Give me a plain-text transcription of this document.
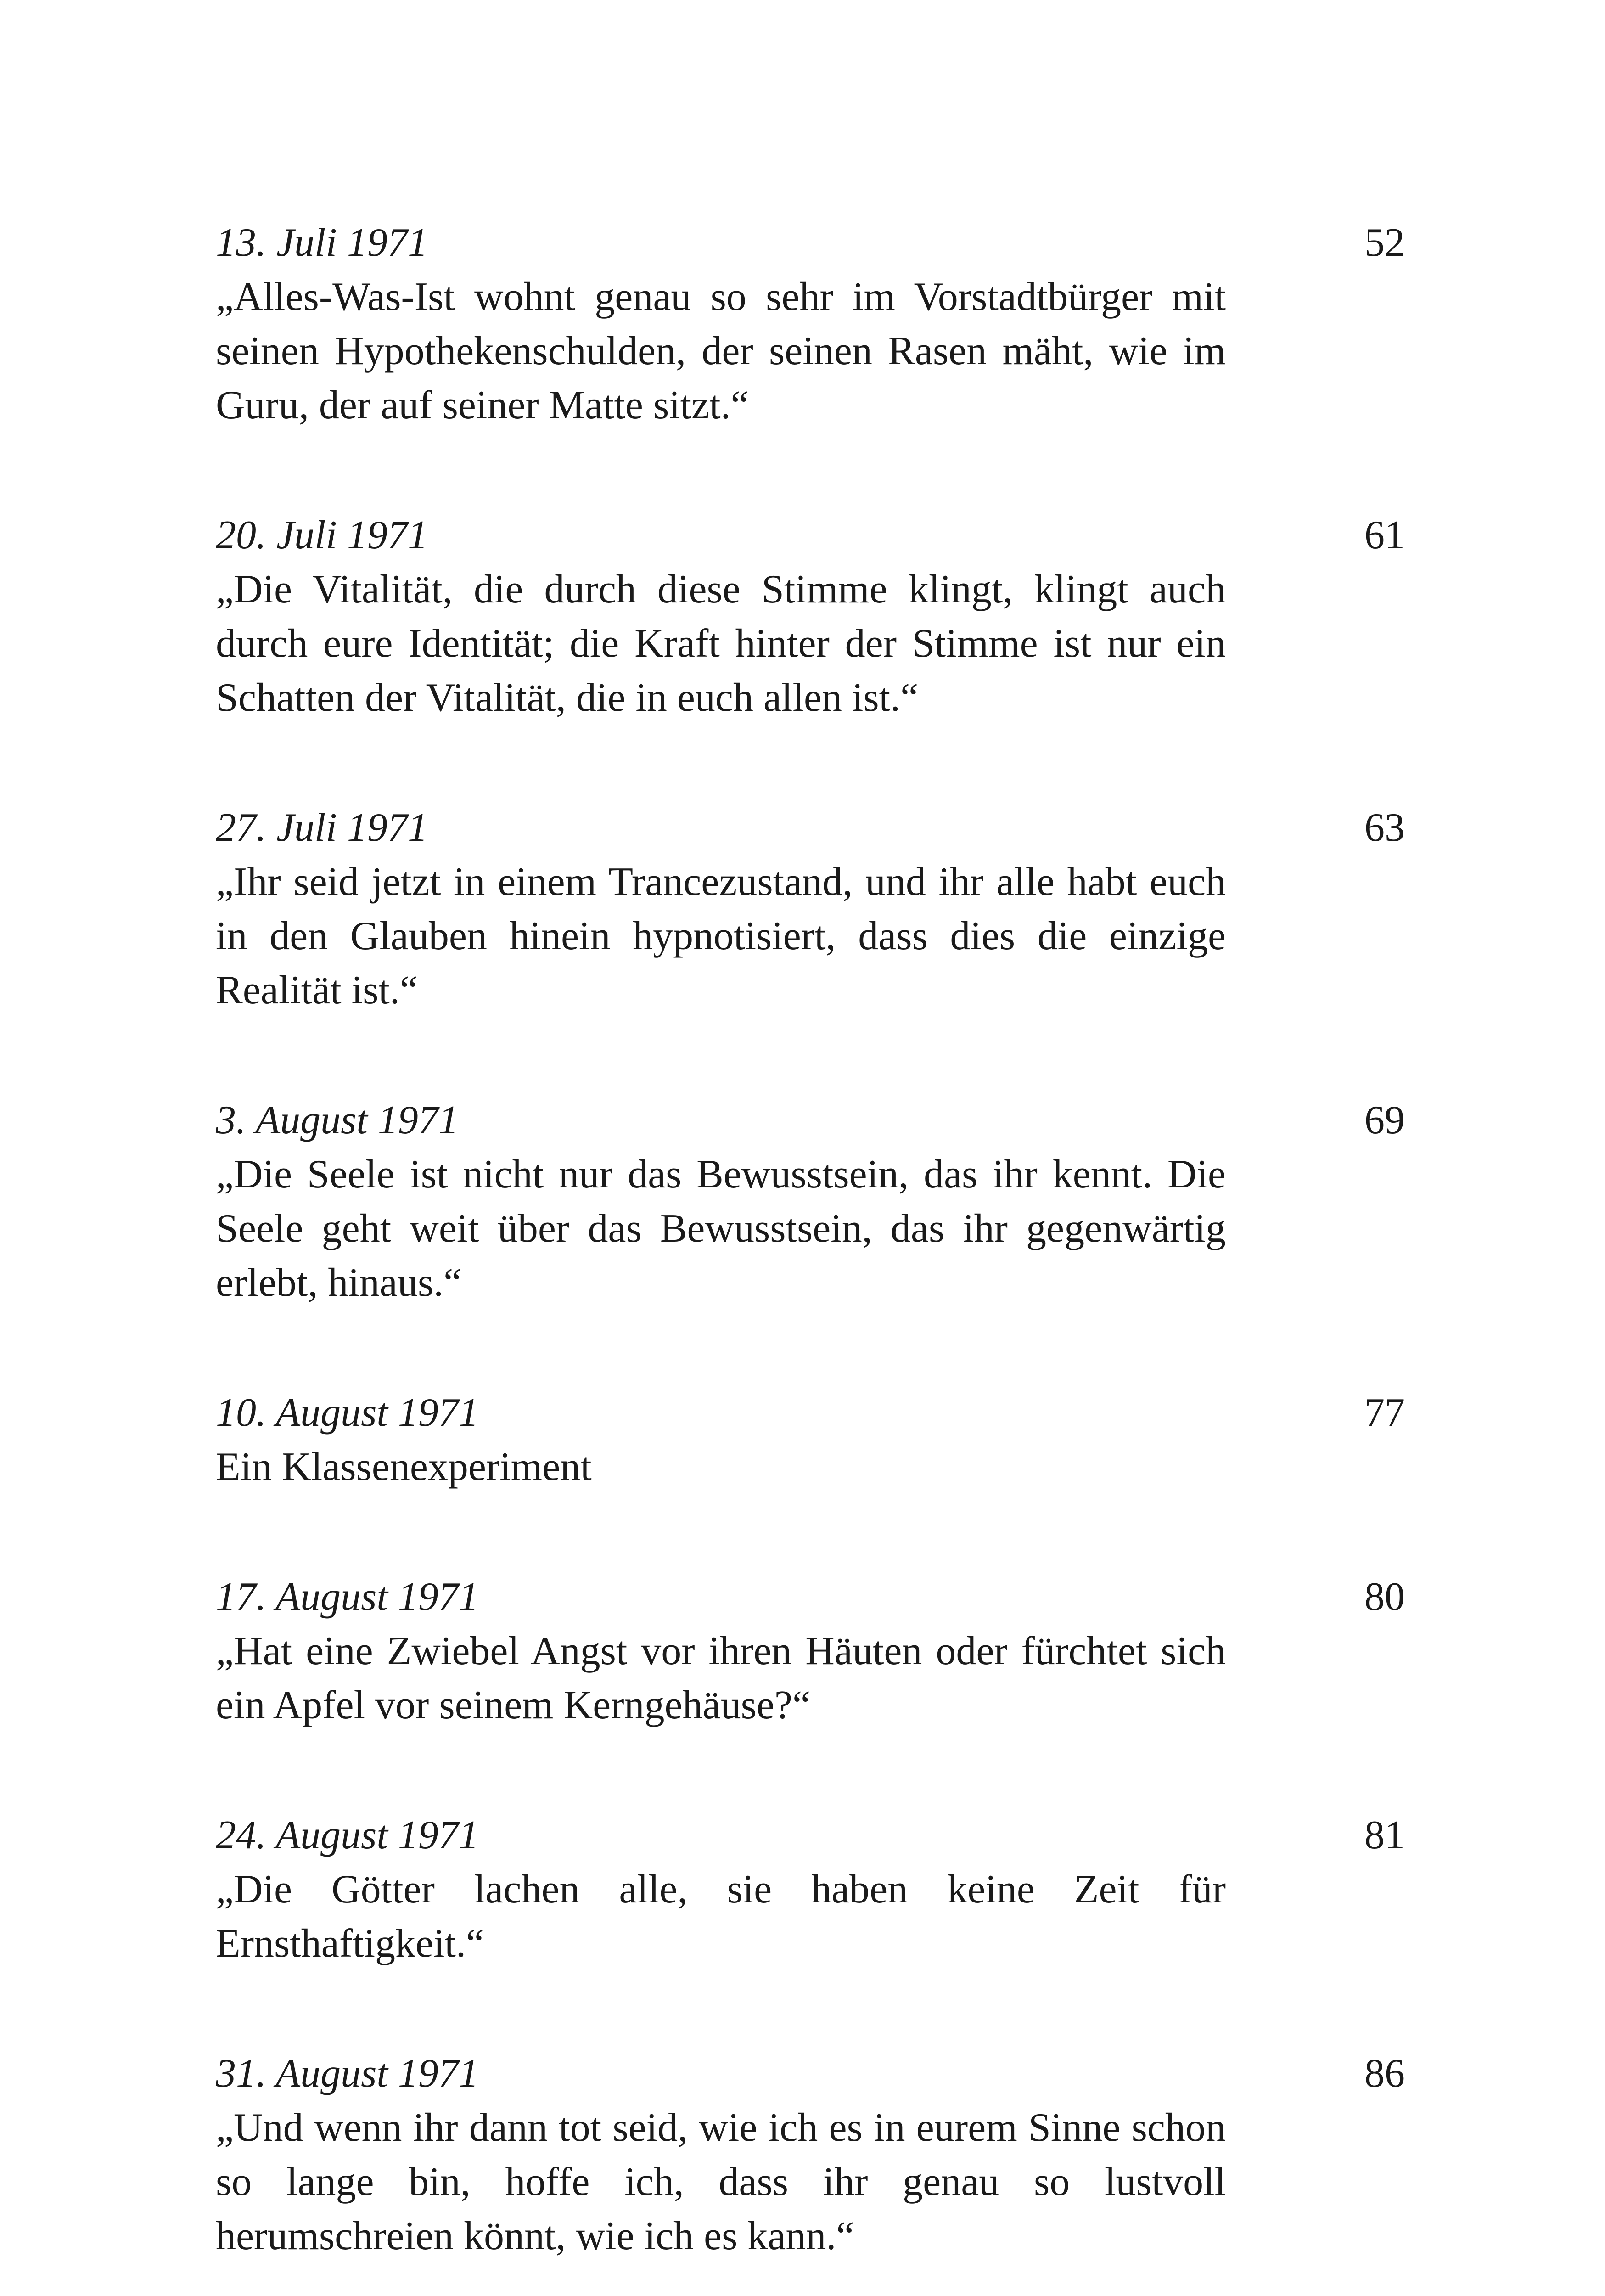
13. Juli 1971	52
„Alles-Was-Ist wohnt genau so sehr im Vorstadtbürger mit seinen Hypothekenschulden, der seinen Rasen mäht, wie im Guru, der auf seiner Matte sitzt.“
20. Juli 1971	61
„Die Vitalität, die durch diese Stimme klingt, klingt auch durch eure Identität; die Kraft hinter der Stimme ist nur ein Schatten der Vitalität, die in euch allen ist.“
27. Juli 1971	63
„Ihr seid jetzt in einem Trancezustand, und ihr alle habt euch in den Glauben hinein hypnotisiert, dass dies die einzige Realität ist.“
3. August 1971	69
„Die Seele ist nicht nur das Bewusstsein, das ihr kennt. Die Seele geht weit über das Bewusstsein, das ihr gegenwärtig erlebt, hinaus.“
10. August 1971	77
Ein Klassenexperiment
17. August 1971	80
„Hat eine Zwiebel Angst vor ihren Häuten oder fürchtet sich ein Apfel vor seinem Kerngehäuse?“
24. August 1971	81
„Die Götter lachen alle, sie haben keine Zeit für Ernsthaftigkeit.“
31. August 1971	86
„Und wenn ihr dann tot seid, wie ich es in eurem Sinne schon so lange bin, hoffe ich, dass ihr genau so lustvoll herumschreien könnt, wie ich es kann.“
